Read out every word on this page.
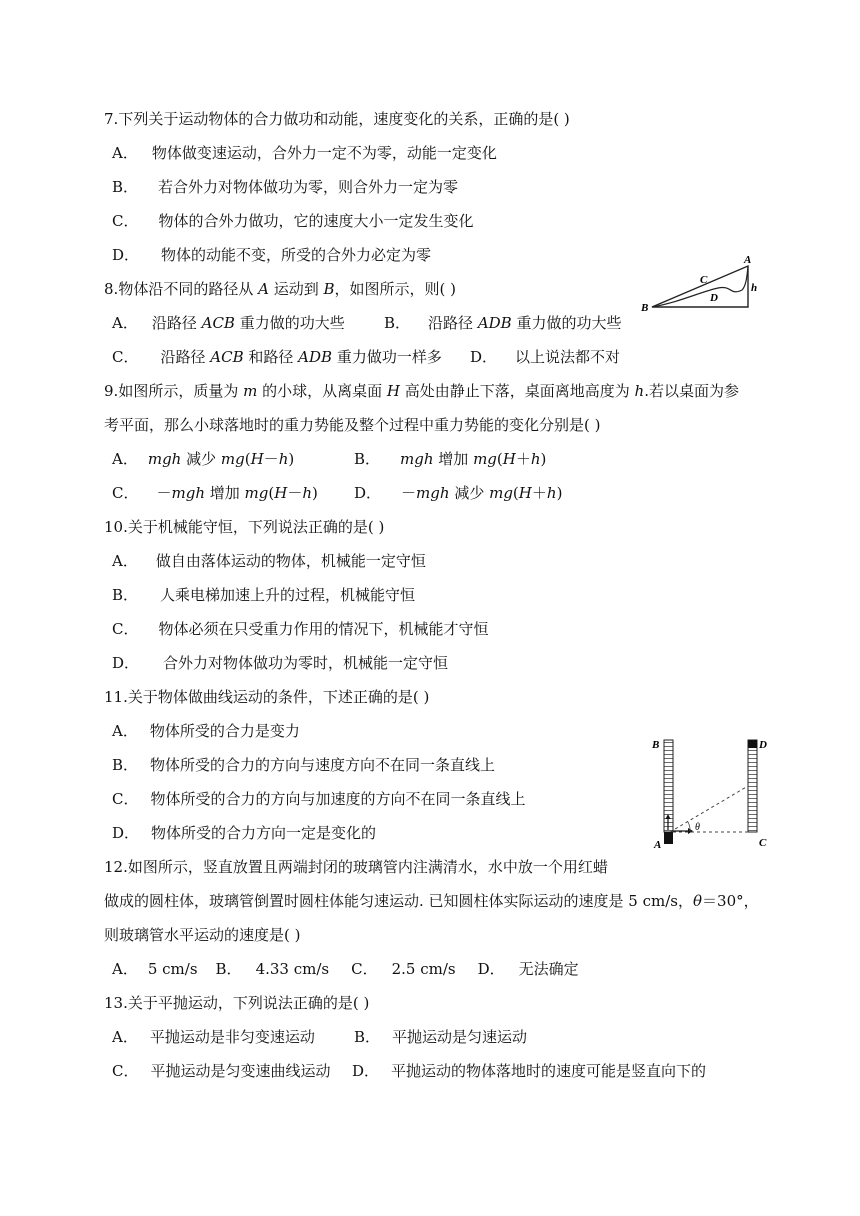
7.下列关于运动物体的合力做功和动能，速度变化的关系，正确的是( )
A． 物体做变速运动，合外力一定不为零，动能一定变化
B． 若合外力对物体做功为零，则合外力一定为零
C． 物体的合外力做功，它的速度大小一定发生变化
D． 物体的动能不变，所受的合外力必定为零
8.物体沿不同的路径从 A 运动到 B，如图所示，则( )
A
B
C
D
h
A． 沿路径 ACB 重力做的功大些	B． 沿路径 ADB 重力做的功大些
C． 沿路径 ACB 和路径 ADB 重力做功一样多 D． 以上说法都不对
9.如图所示，质量为 m 的小球，从离桌面 H 高处由静止下落，桌面离地高度为 h.若以桌面为参
考平面，那么小球落地时的重力势能及整个过程中重力势能的变化分别是( )
A． mgh 减少 mg(H－h)	B． mgh 增加 mg(H＋h)
C． －mgh 增加 mg(H－h) D． －mgh 减少 mg(H＋h)
10.关于机械能守恒，下列说法正确的是( )
A． 做自由落体运动的物体，机械能一定守恒
B． 人乘电梯加速上升的过程，机械能守恒
C． 物体必须在只受重力作用的情况下，机械能才守恒
D． 合外力对物体做功为零时，机械能一定守恒
11.关于物体做曲线运动的条件，下述正确的是( )
A． 物体所受的合力是变力
B． 物体所受的合力的方向与速度方向不在同一条直线上
C． 物体所受的合力的方向与加速度的方向不在同一条直线上
D． 物体所受的合力方向一定是变化的
B	D
A	C
θ
12.如图所示，竖直放置且两端封闭的玻璃管内注满清水，水中放一个用红蜡
做成的圆柱体，玻璃管倒置时圆柱体能匀速运动. 已知圆柱体实际运动的速度是 5 cm/s，θ＝30°，
则玻璃管水平运动的速度是( )
A． 5 cm/s B． 4.33 cm/s C． 2.5 cm/s D． 无法确定
13.关于平抛运动，下列说法正确的是( )
A． 平抛运动是非匀变速运动	B． 平抛运动是匀速运动
C． 平抛运动是匀变速曲线运动 D． 平抛运动的物体落地时的速度可能是竖直向下的
